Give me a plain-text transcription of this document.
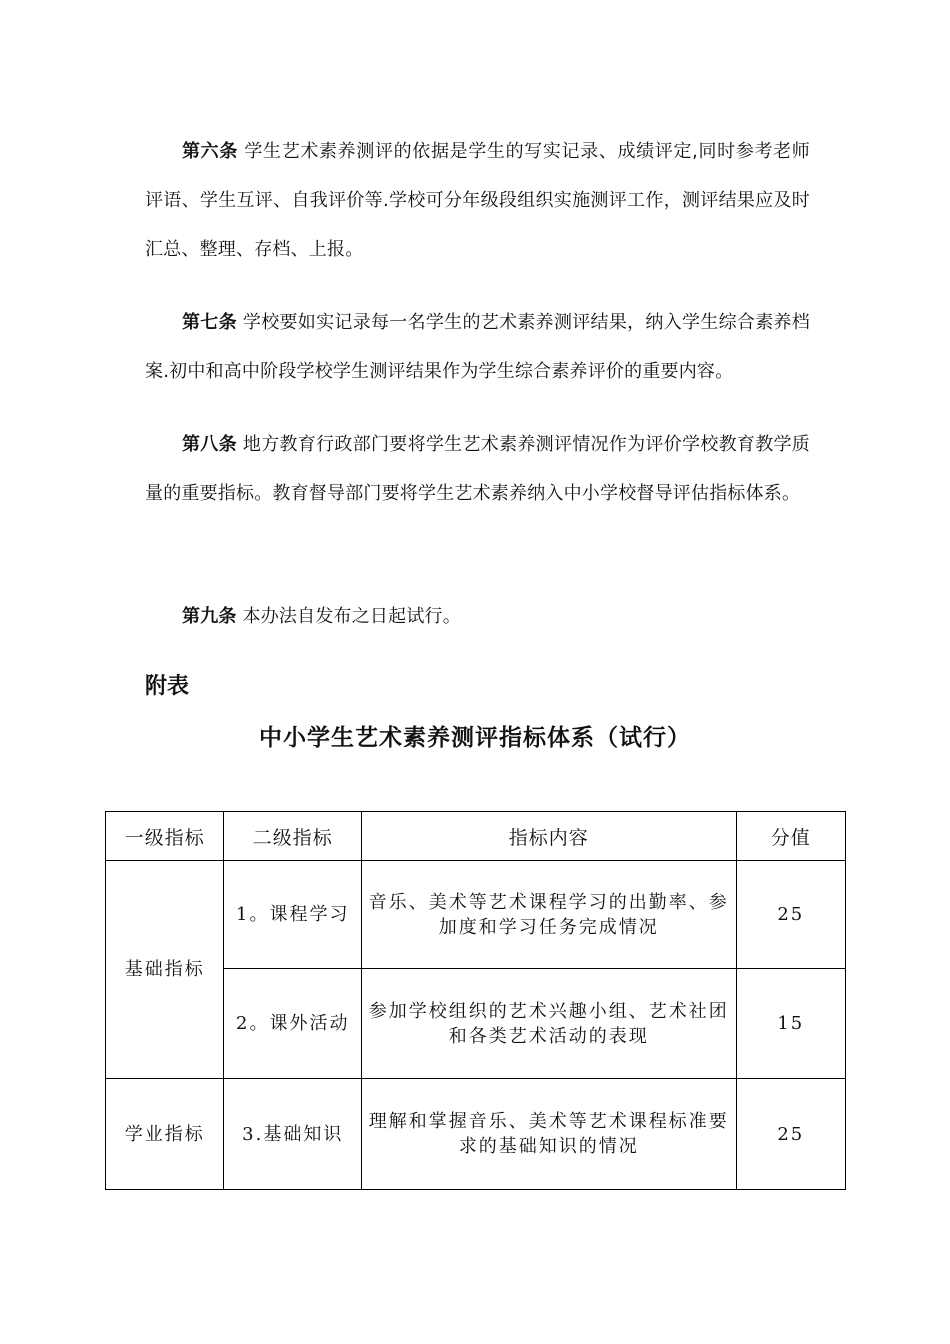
第六条 学生艺术素养测评的依据是学生的写实记录、成绩评定,同时参考老师评语、学生互评、自我评价等.学校可分年级段组织实施测评工作，测评结果应及时汇总、整理、存档、上报。

第七条 学校要如实记录每一名学生的艺术素养测评结果，纳入学生综合素养档案.初中和高中阶段学校学生测评结果作为学生综合素养评价的重要内容。

第八条 地方教育行政部门要将学生艺术素养测评情况作为评价学校教育教学质量的重要指标。教育督导部门要将学生艺术素养纳入中小学校督导评估指标体系。

第九条 本办法自发布之日起试行。

附表
中小学生艺术素养测评指标体系（试行）
一级指标	二级指标	指标内容	分值
基础指标	1。课程学习	音乐、美术等艺术课程学习的出勤率、参加度和学习任务完成情况	25
	2。课外活动	参加学校组织的艺术兴趣小组、艺术社团和各类艺术活动的表现	15
学业指标	3.基础知识	理解和掌握音乐、美术等艺术课程标准要求的基础知识的情况	25
